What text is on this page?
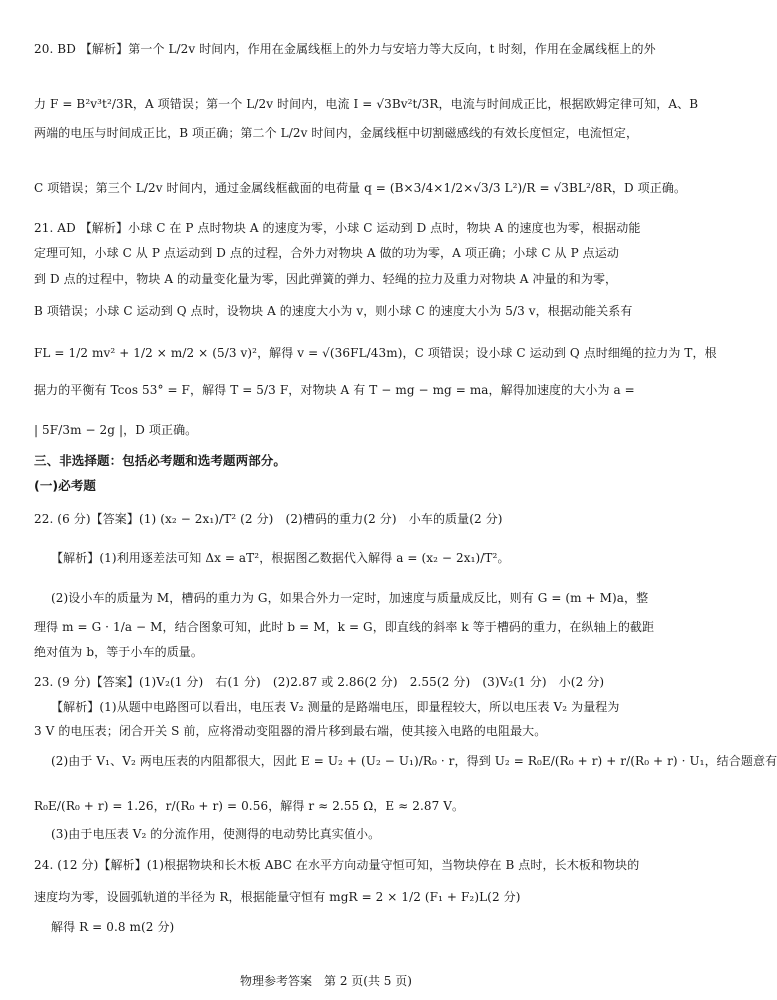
物理参考答案　第 2 页(共 5 页)
20. BD 【解析】第一个 L/2v 时间内，作用在金属线框上的外力与安培力等大反向，t 时刻，作用在金属线框上的外
力 F = B²v³t²/3R，A 项错误；第一个 L/2v 时间内，电流 I = √3Bv²t/3R，电流与时间成正比，根据欧姆定律可知，A、B
两端的电压与时间成正比，B 项正确；第二个 L/2v 时间内，金属线框中切割磁感线的有效长度恒定，电流恒定，
C 项错误；第三个 L/2v 时间内，通过金属线框截面的电荷量 q = (B×3/4×1/2×√3/3 L²)/R = √3BL²/8R，D 项正确。
21. AD 【解析】小球 C 在 P 点时物块 A 的速度为零，小球 C 运动到 D 点时，物块 A 的速度也为零，根据动能
定理可知，小球 C 从 P 点运动到 D 点的过程，合外力对物块 A 做的功为零，A 项正确；小球 C 从 P 点运动
到 D 点的过程中，物块 A 的动量变化量为零，因此弹簧的弹力、轻绳的拉力及重力对物块 A 冲量的和为零，
B 项错误；小球 C 运动到 Q 点时，设物块 A 的速度大小为 v，则小球 C 的速度大小为 5/3 v，根据动能关系有
FL = 1/2 mv² + 1/2 × m/2 × (5/3 v)²，解得 v = √(36FL/43m)，C 项错误；设小球 C 运动到 Q 点时细绳的拉力为 T，根
据力的平衡有 Tcos 53° = F，解得 T = 5/3 F，对物块 A 有 T − mg − mg = ma，解得加速度的大小为 a =
| 5F/3m − 2g |，D 项正确。
三、非选择题：包括必考题和选考题两部分。
(一)必考题
22. (6 分)【答案】(1) (x₂ − 2x₁)/T² (2 分)　(2)槽码的重力(2 分)　小车的质量(2 分)
【解析】(1)利用逐差法可知 Δx = aT²，根据图乙数据代入解得 a = (x₂ − 2x₁)/T²。
(2)设小车的质量为 M，槽码的重力为 G，如果合外力一定时，加速度与质量成反比，则有 G = (m + M)a，整
理得 m = G · 1/a − M，结合图象可知，此时 b = M，k = G，即直线的斜率 k 等于槽码的重力，在纵轴上的截距
绝对值为 b，等于小车的质量。
23. (9 分)【答案】(1)V₂(1 分)　右(1 分)　(2)2.87 或 2.86(2 分)　2.55(2 分)　(3)V₂(1 分)　小(2 分)
【解析】(1)从题中电路图可以看出，电压表 V₂ 测量的是路端电压，即量程较大，所以电压表 V₂ 为量程为
3 V 的电压表；闭合开关 S 前，应将滑动变阻器的滑片移到最右端，使其接入电路的电阻最大。
(2)由于 V₁、V₂ 两电压表的内阻都很大，因此 E = U₂ + (U₂ − U₁)/R₀ · r，得到 U₂ = R₀E/(R₀ + r) + r/(R₀ + r) · U₁，结合题意有
R₀E/(R₀ + r) = 1.26，r/(R₀ + r) = 0.56，解得 r ≈ 2.55 Ω，E ≈ 2.87 V。
(3)由于电压表 V₂ 的分流作用，使测得的电动势比真实值小。
24. (12 分)【解析】(1)根据物块和长木板 ABC 在水平方向动量守恒可知，当物块停在 B 点时，长木板和物块的
速度均为零，设圆弧轨道的半径为 R，根据能量守恒有 mgR = 2 × 1/2 (F₁ + F₂)L(2 分)
解得 R = 0.8 m(2 分)
